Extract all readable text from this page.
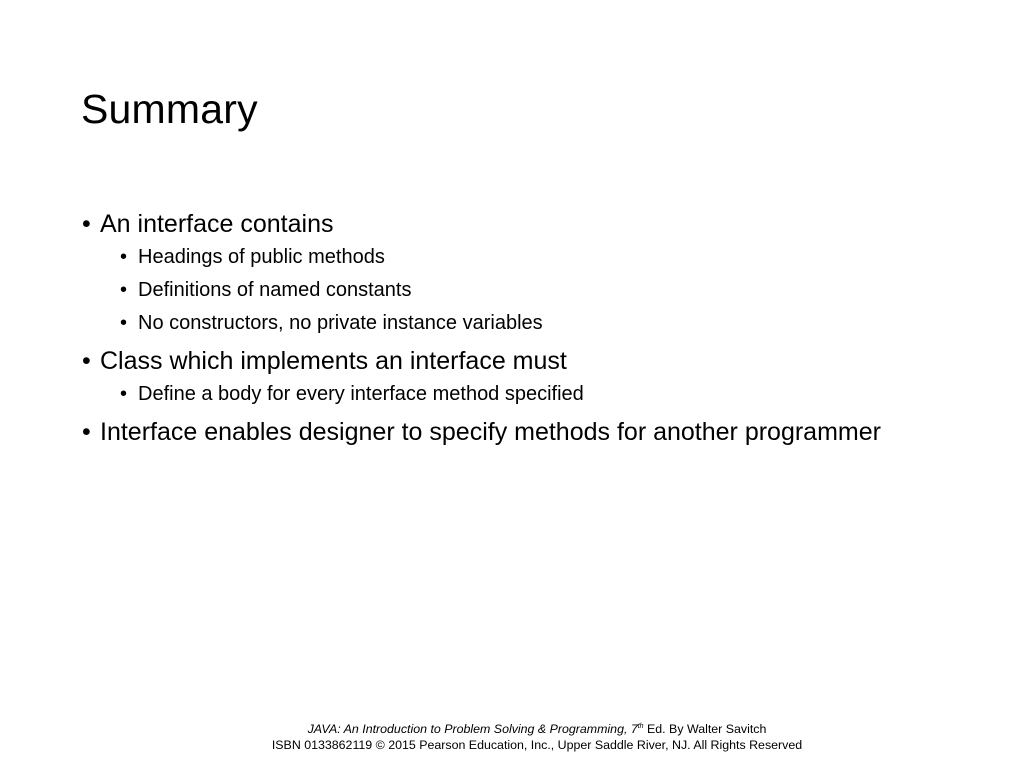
Summary
• An interface contains
• Headings of public methods
• Definitions of named constants
• No constructors, no private instance variables
• Class which implements an interface must
• Define a body for every interface method specified
• Interface enables designer to specify methods for another programmer
JAVA: An Introduction to Problem Solving & Programming, 7th Ed. By Walter Savitch
ISBN 0133862119 © 2015 Pearson Education, Inc., Upper Saddle River, NJ. All Rights Reserved
